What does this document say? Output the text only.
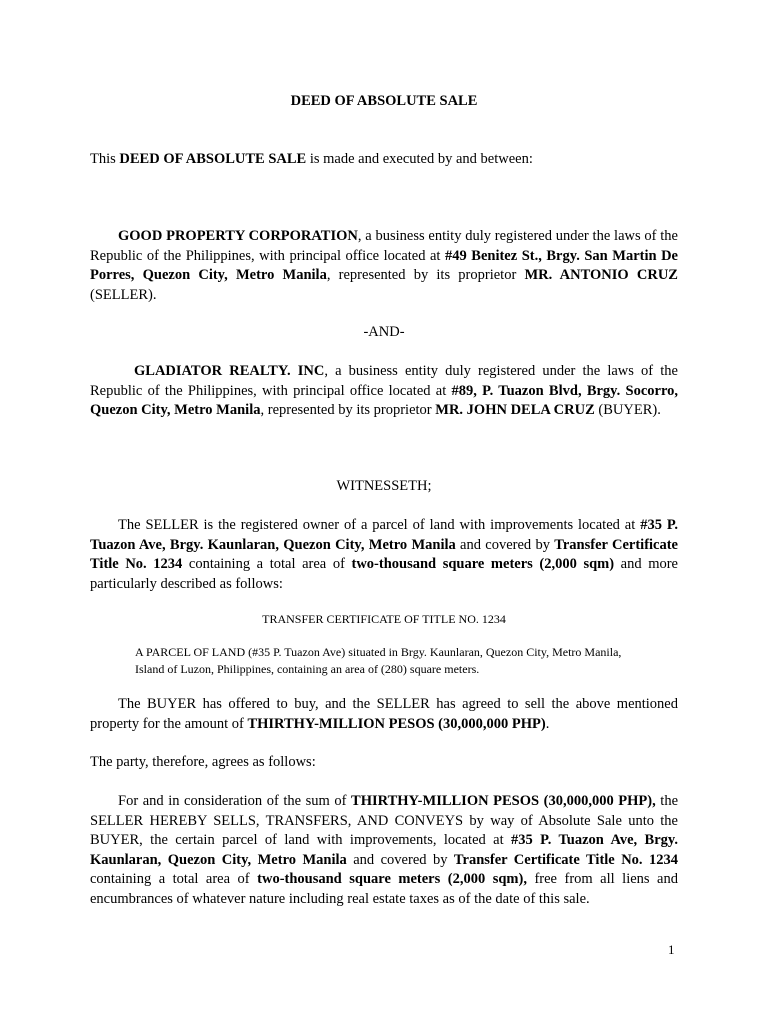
DEED OF ABSOLUTE SALE
This DEED OF ABSOLUTE SALE is made and executed by and between:
GOOD PROPERTY CORPORATION, a business entity duly registered under the laws of the Republic of the Philippines, with principal office located at #49 Benitez St., Brgy. San Martin De Porres, Quezon City, Metro Manila, represented by its proprietor MR. ANTONIO CRUZ (SELLER).
-AND-
GLADIATOR REALTY. INC, a business entity duly registered under the laws of the Republic of the Philippines, with principal office located at #89, P. Tuazon Blvd, Brgy. Socorro, Quezon City, Metro Manila, represented by its proprietor MR. JOHN DELA CRUZ (BUYER).
WITNESSETH;
The SELLER is the registered owner of a parcel of land with improvements located at #35 P. Tuazon Ave, Brgy. Kaunlaran, Quezon City, Metro Manila and covered by Transfer Certificate Title No. 1234 containing a total area of two-thousand square meters (2,000 sqm) and more particularly described as follows:
TRANSFER CERTIFICATE OF TITLE NO. 1234
A PARCEL OF LAND (#35 P. Tuazon Ave) situated in Brgy. Kaunlaran, Quezon City, Metro Manila, Island of Luzon, Philippines, containing an area of (280) square meters.
The BUYER has offered to buy, and the SELLER has agreed to sell the above mentioned property for the amount of THIRTHY-MILLION PESOS (30,000,000 PHP).
The party, therefore, agrees as follows:
For and in consideration of the sum of THIRTHY-MILLION PESOS (30,000,000 PHP), the SELLER HEREBY SELLS, TRANSFERS, AND CONVEYS by way of Absolute Sale unto the BUYER, the certain parcel of land with improvements, located at #35 P. Tuazon Ave, Brgy. Kaunlaran, Quezon City, Metro Manila and covered by Transfer Certificate Title No. 1234 containing a total area of two-thousand square meters (2,000 sqm), free from all liens and encumbrances of whatever nature including real estate taxes as of the date of this sale.
1
